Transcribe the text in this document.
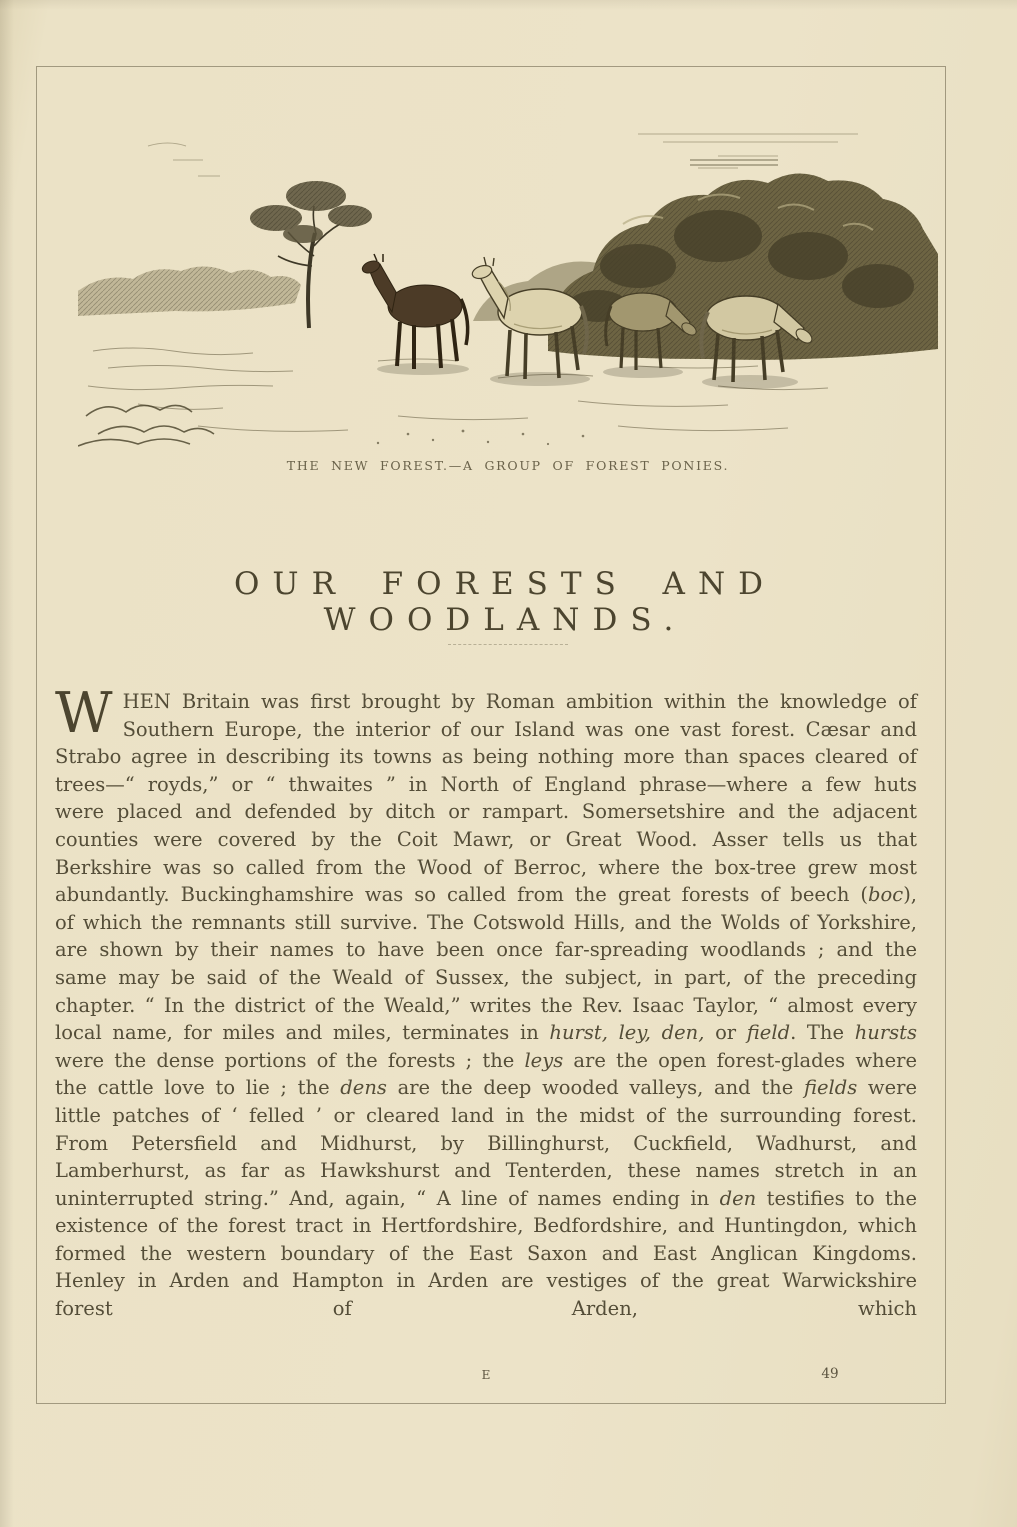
THE NEW FOREST.—A GROUP OF FOREST PONIES.
OUR FORESTS AND WOODLANDS.
WHEN Britain was first brought by Roman ambition within the knowledge of Southern Europe, the interior of our Island was one vast forest. Cæsar and Strabo agree in describing its towns as being nothing more than spaces cleared of trees—“ royds,” or “ thwaites ” in North of England phrase—where a few huts were placed and defended by ditch or rampart. Somersetshire and the adjacent counties were covered by the Coit Mawr, or Great Wood. Asser tells us that Berkshire was so called from the Wood of Berroc, where the box-tree grew most abundantly. Buckinghamshire was so called from the great forests of beech (boc), of which the remnants still survive. The Cotswold Hills, and the Wolds of Yorkshire, are shown by their names to have been once far-spreading woodlands ; and the same may be said of the Weald of Sussex, the subject, in part, of the preceding chapter. “ In the district of the Weald,” writes the Rev. Isaac Taylor, “ almost every local name, for miles and miles, terminates in hurst, ley, den, or field. The hursts were the dense portions of the forests ; the leys are the open forest-glades where the cattle love to lie ; the dens are the deep wooded valleys, and the fields were little patches of ‘ felled ’ or cleared land in the midst of the surrounding forest. From Petersfield and Midhurst, by Billinghurst, Cuckfield, Wadhurst, and Lamberhurst, as far as Hawkshurst and Tenterden, these names stretch in an uninterrupted string.” And, again, “ A line of names ending in den testifies to the existence of the forest tract in Hertfordshire, Bedfordshire, and Huntingdon, which formed the western boundary of the East Saxon and East Anglican Kingdoms. Henley in Arden and Hampton in Arden are vestiges of the great Warwickshire forest of Arden, which
E	49
